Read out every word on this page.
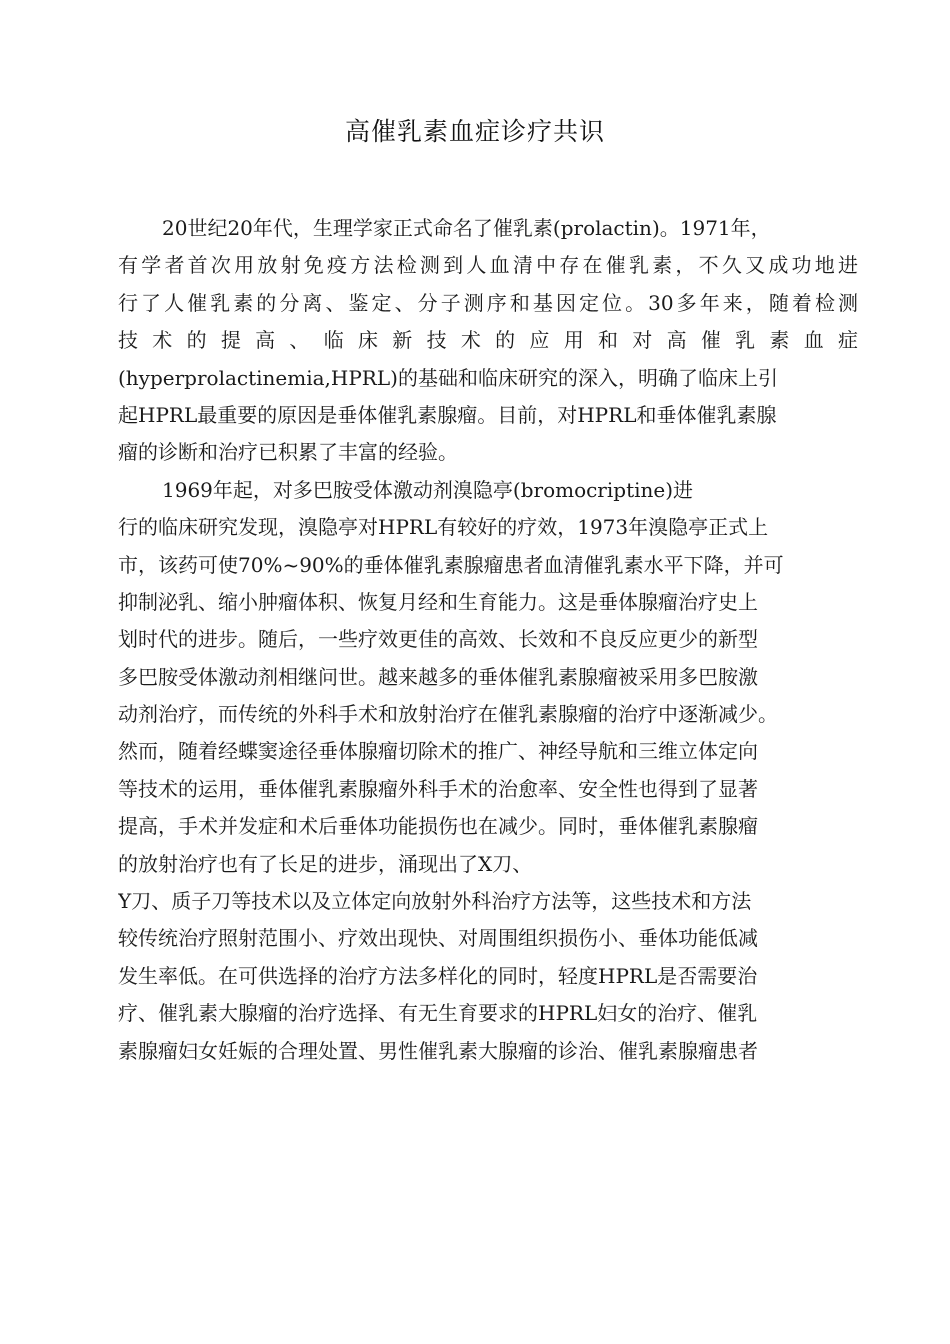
高催乳素血症诊疗共识
20世纪20年代，生理学家正式命名了催乳素(prolactin)。1971年，
有学者首次用放射免疫方法检测到人血清中存在催乳素，不久又成功地进
行了人催乳素的分离、鉴定、分子测序和基因定位。30多年来，随着检测
技术的提高、临床新技术的应用和对高催乳素血症
(hyperprolactinemia,HPRL)的基础和临床研究的深入，明确了临床上引
起HPRL最重要的原因是垂体催乳素腺瘤。目前，对HPRL和垂体催乳素腺
瘤的诊断和治疗已积累了丰富的经验。
1969年起，对多巴胺受体激动剂溴隐亭(bromocriptine)进
行的临床研究发现，溴隐亭对HPRL有较好的疗效，1973年溴隐亭正式上
市，该药可使70%~90%的垂体催乳素腺瘤患者血清催乳素水平下降，并可
抑制泌乳、缩小肿瘤体积、恢复月经和生育能力。这是垂体腺瘤治疗史上
划时代的进步。随后，一些疗效更佳的高效、长效和不良反应更少的新型
多巴胺受体激动剂相继问世。越来越多的垂体催乳素腺瘤被采用多巴胺激
动剂治疗，而传统的外科手术和放射治疗在催乳素腺瘤的治疗中逐渐减少。
然而，随着经蝶窦途径垂体腺瘤切除术的推广、神经导航和三维立体定向
等技术的运用，垂体催乳素腺瘤外科手术的治愈率、安全性也得到了显著
提高，手术并发症和术后垂体功能损伤也在减少。同时，垂体催乳素腺瘤
的放射治疗也有了长足的进步，涌现出了X刀、
Y刀、质子刀等技术以及立体定向放射外科治疗方法等，这些技术和方法
较传统治疗照射范围小、疗效出现快、对周围组织损伤小、垂体功能低减
发生率低。在可供选择的治疗方法多样化的同时，轻度HPRL是否需要治
疗、催乳素大腺瘤的治疗选择、有无生育要求的HPRL妇女的治疗、催乳
素腺瘤妇女妊娠的合理处置、男性催乳素大腺瘤的诊治、催乳素腺瘤患者
